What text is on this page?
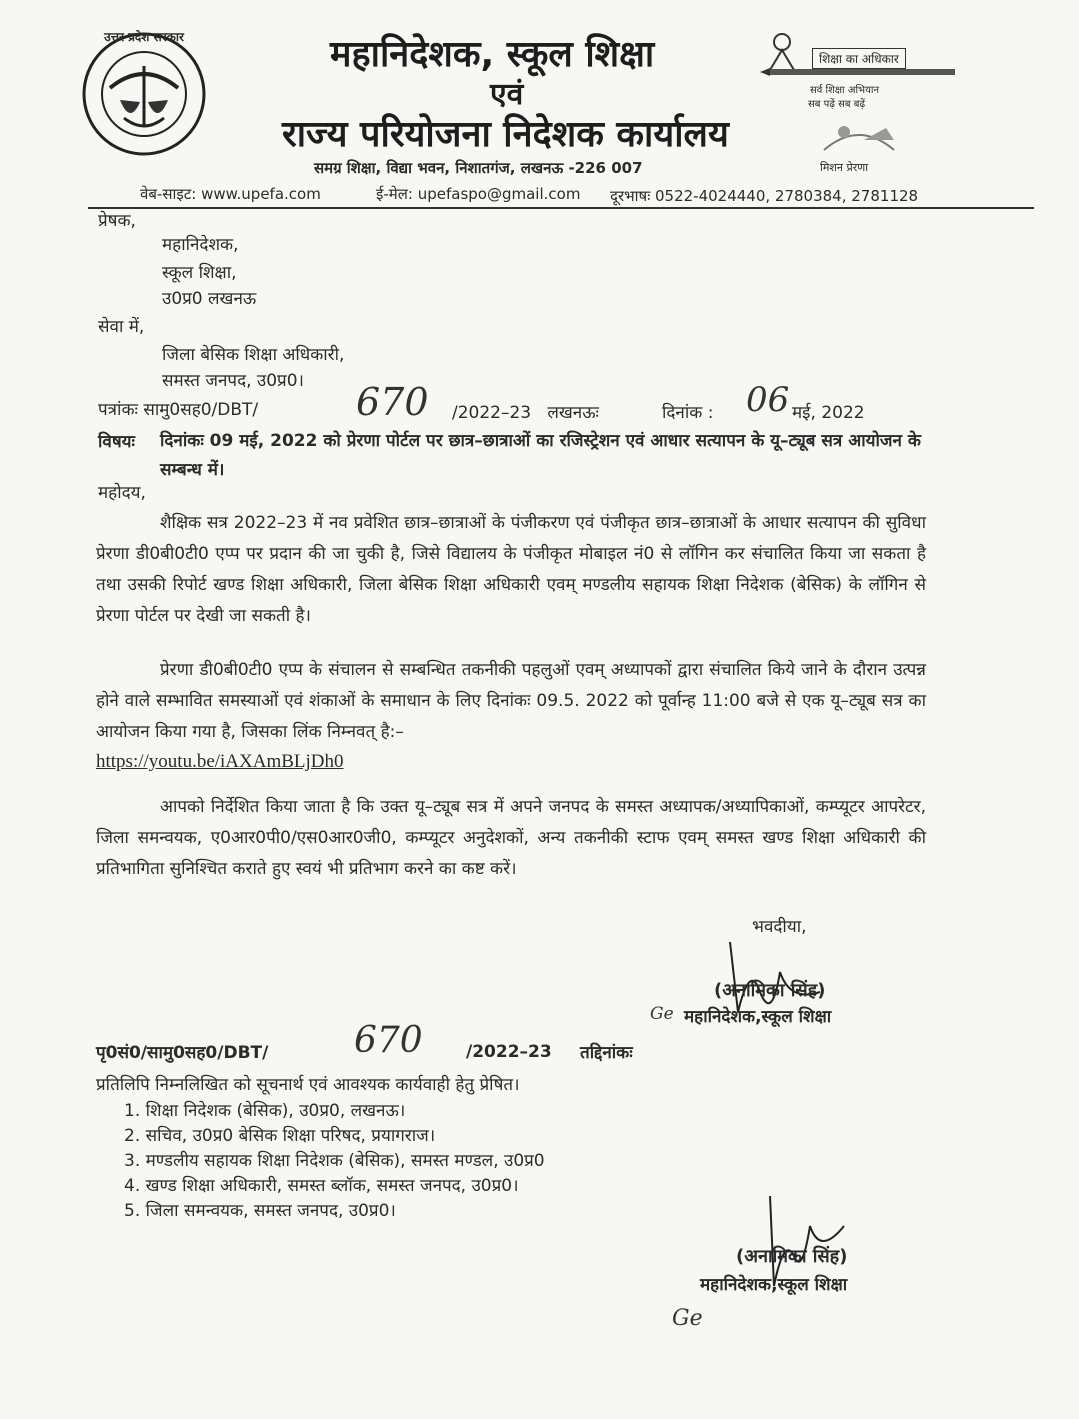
उत्तर प्रदेश सरकार	महानिदेशक, स्कूल शिक्षा
एवं
राज्य परियोजना निदेशक कार्यालय
समग्र शिक्षा, विद्या भवन, निशातगंज, लखनऊ -226 007
शिक्षा का अधिकार
सर्व शिक्षा अभियान
सब पढ़ें सब बढ़ें
मिशन प्रेरणा
वेब-साइट: www.upefa.com	ई-मेल: upefaspo@gmail.com दूरभाषः 0522-4024440, 2780384, 2781128
प्रेषक,
महानिदेशक,
स्कूल शिक्षा,
उ0प्र0 लखनऊ
सेवा में,
जिला बेसिक शिक्षा अधिकारी,
समस्त जनपद, उ0प्र0।
पत्रांकः सामु0सह0/DBT/	670 /2022–23   लखनऊः	दिनांक : 06 मई, 2022
विषयः दिनांकः 09 मई, 2022 को प्रेरणा पोर्टल पर छात्र–छात्राओं का रजिस्ट्रेशन एवं आधार सत्यापन के यू–ट्यूब सत्र आयोजन के सम्बन्ध में।
महोदय,
शैक्षिक सत्र 2022–23 में नव प्रवेशित छात्र–छात्राओं के पंजीकरण एवं पंजीकृत छात्र–छात्राओं के आधार सत्यापन की सुविधा प्रेरणा डी0बी0टी0 एप्प पर प्रदान की जा चुकी है, जिसे विद्यालय के पंजीकृत मोबाइल नं0 से लॉगिन कर संचालित किया जा सकता है तथा उसकी रिपोर्ट खण्ड शिक्षा अधिकारी, जिला बेसिक शिक्षा अधिकारी एवम् मण्डलीय सहायक शिक्षा निदेशक (बेसिक) के लॉगिन से प्रेरणा पोर्टल पर देखी जा सकती है।
प्रेरणा डी0बी0टी0 एप्प के संचालन से सम्बन्धित तकनीकी पहलुओं एवम् अध्यापकों द्वारा संचालित किये जाने के दौरान उत्पन्न होने वाले सम्भावित समस्याओं एवं शंकाओं के समाधान के लिए दिनांकः 09.5. 2022 को पूर्वान्ह 11:00 बजे से एक यू–ट्यूब सत्र का आयोजन किया गया है, जिसका लिंक निम्नवत् है:–
https://youtu.be/iAXAmBLjDh0
आपको निर्देशित किया जाता है कि उक्त यू–ट्यूब सत्र में अपने जनपद के समस्त अध्यापक/अध्यापिकाओं, कम्प्यूटर आपरेटर, जिला समन्वयक, ए0आर0पी0/एस0आर0जी0, कम्प्यूटर अनुदेशकों, अन्य तकनीकी स्टाफ एवम् समस्त खण्ड शिक्षा अधिकारी की प्रतिभागिता सुनिश्चित कराते हुए स्वयं भी प्रतिभाग करने का कष्ट करें।
भवदीया,
(अनामिका सिंह)
Ge महानिदेशक,स्कूल शिक्षा
पृ0सं0/सामु0सह0/DBT/ 670	/2022–23 तद्दिनांकः
प्रतिलिपि निम्नलिखित को सूचनार्थ एवं आवश्यक कार्यवाही हेतु प्रेषित।
1. शिक्षा निदेशक (बेसिक), उ0प्र0, लखनऊ।
2. सचिव, उ0प्र0 बेसिक शिक्षा परिषद, प्रयागराज।
3. मण्डलीय सहायक शिक्षा निदेशक (बेसिक), समस्त मण्डल, उ0प्र0
4. खण्ड शिक्षा अधिकारी, समस्त ब्लॉक, समस्त जनपद, उ0प्र0।
5. जिला समन्वयक, समस्त जनपद, उ0प्र0।
(अनामिका सिंह)
महानिदेशक,स्कूल शिक्षा
Ge
